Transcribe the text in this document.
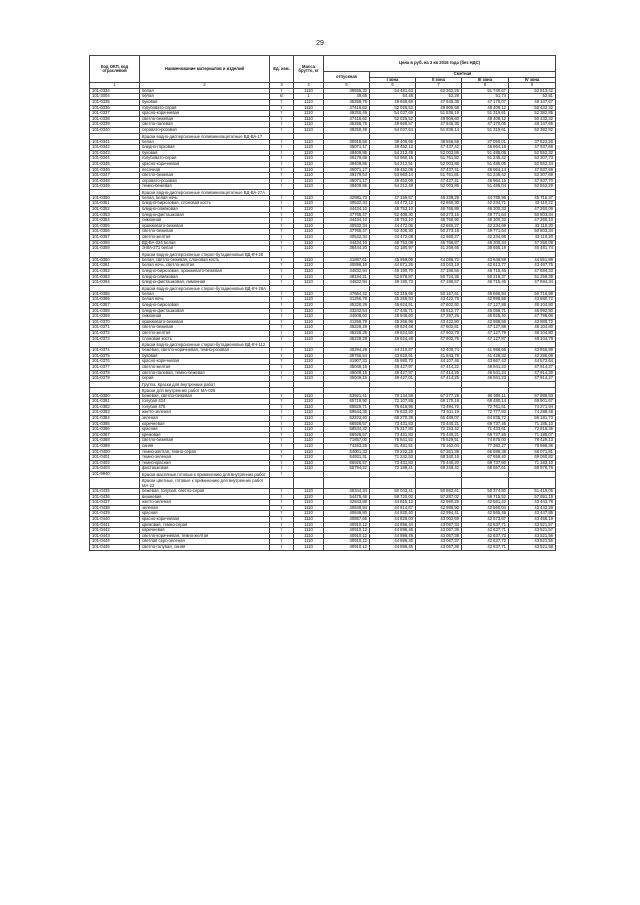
29
Код ОКП, код отраслевой	Наименование материалов и изделий	Ед. изм.	Масса брутто, кг	Цена в руб. на 3 кв 2016 года (без НДС)				
				отпускная	Сметная			
					I зона	II зона	III зона	IV зона
1	2	3	4	5	6	7	8	9
101-0334	белая	т	1110	49655,32	54 481,63	62 262,25	51 740,67	52 813,42
101-3004	белая	кг	1	49,65	54,48	52,29	51,74	52,81
101-0335	буковая	т	1110	45258,76	49 668,69	47 645,38	47 170,07	48 147,67
101-0336	голубовато-серая	т	1110	47416,62	52 025,52	49 905,59	49 408,12	50 432,32
101-0337	красно-коричневая	т	1110	49250,49	54 037,69	51 836,19	51 319,61	52 382,85
101-0338	светло-бежевая	т	1110	47416,62	52 025,52	49 906,60	49 408,12	50 432,32
101-0339	светло-палевая	т	1110	45258,76	49 668,57	47 645,36	47 170,05	48 147,65
101-0340	серовато-розовая	т	1110	49250,49	54 037,64	51 836,14	51 319,61	52 382,82
	Краски водно-дисперсионные поливинилацетатные ВД-ВА-17							
101-0341	белая	т	1110	35918,58	39 406,66	38 556,59	37 050,01	37 822,26
101-0342	бледно-горховая	т	1110	45071,17	49 452,12	47 437,42	46 964,18	47 937,69
101-0343	буковая	т	1110	49409,86	54 212,49	52 003,86	51 485,05	52 552,32
101-0344	голубовато-серая	т	1110	49179,68	53 960,16	51 761,82	51 245,42	52 307,73
101-0345	красно-коричневая	т	1110	49409,86	54 212,51	52 003,88	51 485,05	52 552,34
101-0346	песочная	т	1110	45071,17	49 452,08	47 437,41	46 964,14	47 937,69
101-0347	светло-бежевая	т	1110	49179,64	53 960,14	51 761,81	51 245,42	52 307,69
101-0348	серовато-розовая	т	1110	45071,17	49 452,09	47 437,41	46 964,15	47 937,70
101-0349	темно-бежевая	т	1110	49409,86	54 212,49	52 003,86	51 485,04	52 552,29
	Краски водно-дисперсионные поливинилацетатные ВД-ВА-27А							
101-0350	белая, белая ночь	т	1110	42981,73	47 159,57	45 238,29	44 785,96	45 715,37
101-0351	бледно-бирюзовая, слоновая кость	т	1110	40532,34	44 472,12	42 660,30	42 234,71	43 110,22
101-0352	бледно-оливковая	т	1110	44434,10	48 753,10	46 766,89	46 300,33	47 260,09
101-0353	бледно-фисташковая	т	1110	47765,47	52 408,30	50 273,16	49 771,64	50 803,34
101-0354	лимонная	т	1110	44434,10	48 753,10	46 766,90	46 300,33	47 260,10
101-0355	оранжевато-бежевая	т	1110	40532,34	44 472,06	42 660,27	42 234,69	43 110,20
101-0356	светло-бежевая	т	1110	47765,47	52 408,30	50 273,18	49 771,64	50 803,34
101-0357	светло-желтая	т	1110	40532,34	44 472,08	42 660,27	42 234,68	43 110,20
101-0358	ВД-ВА-224 белая	т	1110	44434,10	48 753,08	46 766,87	46 300,34	47 260,09
101-0359	Э-ВА-271 белая	т	1110	38444,20	42 180,97	41 269,65	39 655,19	40 481,74
	Краски водно-дисперсионные стирол-бутадиеновые ВД-КЧ-26							
101-0360	белая, светло-бежевая, слоновая кость	т	1110	41887,61	45 959,09	44 086,72	43 646,59	44 551,88
101-0361	белая ночь, светло-желтая	т	1110	40896,16	44 871,26	43 043,19	42 613,77	43 497,75
101-0362	бледно-бирюзовая, оранжевато-бежевая	т	1110	44832,94	49 190,70	47 186,56	46 715,46	47 684,33
101-0363	бледно-оливковая	т	1110	48184,21	52 878,87	50 724,36	50 218,37	51 259,39
101-0364	бледно-фисташковая, лимонная	т	1110	44832,94	49 190,73	47 186,57	46 715,46	47 684,34
	Краски водно-дисперсионные стирол-бутадиеновые ВД-КЧ-26А							
101-0365	белая	т	1110	47664,22	52 315,66	50 167,61	49 666,94	50 716,99
101-0366	белая ночь	т	1110	41256,79	45 266,93	43 422,76	42 988,56	43 880,72
101-0367	бледно-бирюзовая	т	1110	45228,29	49 624,51	47 602,92	47 127,88	48 104,80
101-0368	бледно-фисташковая	т	1110	43242,54	47 445,71	45 512,77	45 058,71	45 992,80
101-0369	лимонная	т	1110	44608,60	48 946,60	47 297,26	46 825,40	47 796,06
101-0370	оранжевато-бежевая	т	1110	41256,79	45 266,96	43 422,80	42 988,56	43 880,72
101-0371	светло-бежевая	т	1110	45228,29	49 624,48	47 602,81	47 127,88	48 104,80
101-0372	светло-желтая	т	1110	45228,29	49 624,50	47 602,79	47 127,79	48 104,80
101-0373	слоновая кость	т	1110	45228,29	49 624,48	47 602,76	47 127,87	48 104,79
	Краски водно-дисперсионные стирол-бутадиеновые ВД-КЧ-112							
101-0374	бежевая, светло-коричневая, темно-розовая	т	1110	40294,28	44 210,87	42 409,74	41 986,66	42 856,99
101-0375	буковая	т	1110	39756,54	43 620,91	41 843,78	41 426,32	42 285,08
101-0376	красно-коричневая	т	1110	41907,33	45 980,70	44 107,46	43 667,43	44 572,64
101-0377	светло-желтая	т	1110	45049,15	49 427,97	47 414,22	46 941,23	47 914,27
101-0378	светло-палевая, темно-бежевая	т	1110	45049,15	49 427,97	47 414,25	46 941,24	47 914,30
101-0379	серая	т	1110	45049,15	49 427,01	47 414,25	46 941,23	47 914,27
	Группа. Краски для внутренних работ							
	Краски для внутренних работ МА-025							
101-0380	бежевая, светло-бежевая	т	1110	63921,41	70 134,58	67 277,29	66 606,11	67 988,83
101-0381	голубая 424	т	1110	65719,90	72 107,88	69 170,19	68 480,14	69 901,67
101-0382	голубая 475	т	1110	69829,71	76 618,96	73 494,72	72 761,51	74 271,94
101-0383	желто-зеленая	т	1110	69644,35	76 633,20	73 511,19	72 777,83	74 288,48
101-0384	зеленая	т	1110	62222,40	68 270,39	65 489,07	64 835,72	66 181,73
101-0385	коричневая	т	1110	66926,57	73 431,83	70 440,21	69 737,46	71 185,10
101-0386	красная	т	1110	68534,32	75 217,80	72 153,42	71 433,61	72 916,36
101-0387	кремовая	т	1110	66926,57	73 431,83	70 440,21	69 737,46	71 185,07
101-0388	светло-бежевая	т	1110	71857,00	78 841,52	75 629,51	74 875,00	76 429,13
101-0389	синяя	т	1110	74263,25	81 481,51	78 162,04	77 382,27	78 988,36
101-0400	темно-желтая, темно-серая	т	1110	64001,33	70 222,25	67 361,39	66 689,38	68 071,81
101-0401	темно-зеленая	т	1110	64931,31	71 242,53	68 340,19	67 658,40	69 060,82
101-0402	темно-красная	т	1110	66926,57	73 431,83	70 440,20	69 737,50	71 183,10
101-0403	фисташковая	т	1110	65794,22	72 189,41	69 248,42	68 557,61	69 978,76
101-9840	Краски масляные готовые к применению для внутренних работ	т						
	Краски цветные, готовые к применению для внутренних работ МА-22							
101-0435	бежевая, голубая, светло-серая	т	1110	46344,34	50 043,41	50 882,41	50 374,80	51 419,05
101-0436	вишневая	т	1110	54475,48	59 720,02	57 287,02	56 715,52	57 891,19
101-0437	желто-зеленая	т	1110	42843,88	44 815,12	42 990,29	42 561,42	43 443,78
101-0438	зеленая	т	1110	40849,94	44 814,67	42 988,90	42 560,04	43 442,28
101-0439	красная	т	1110	40849,80	44 820,40	42 994,41	42 565,49	43 447,85
101-0440	красно-коричневая	т	1110	40857,65	44 829,00	43 002,59	42 573,67	43 456,19
101-0441	кремовая, темно-серая	т	1110	40910,12	44 896,44	43 067,34	42 637,71	43 521,57
101-0442	коричневая	т	1110	40910,12	44 896,46	43 067,36	42 637,71	43 521,57
101-0443	светло-коричневая, темно-желтая	т	1110	40910,12	44 896,49	43 067,38	42 637,72	43 521,56
101-0444	светлая серо-зеленая	т	1110	40910,12	44 896,45	43 067,37	42 637,72	43 521,56
101-0445	светло-голубая, синяя	т	1110	40910,12	44 896,45	43 067,36	42 637,71	43 521,58
